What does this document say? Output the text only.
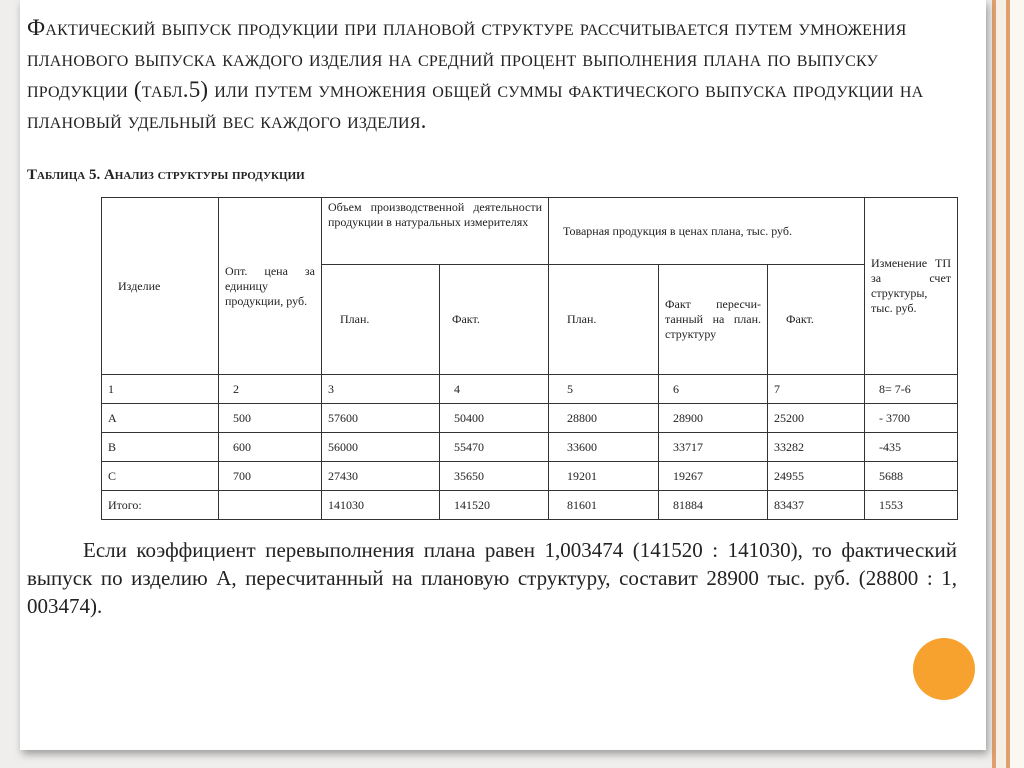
Фактический выпуск продукции при плановой структуре рассчитывается путем умножения планового выпуска каждого изделия на средний процент выполнения плана по выпуску продукции (табл.5) или путем умножения общей суммы фактического выпуска продукции на плановый удельный вес каждого изделия.
Таблица 5. Анализ структуры продукции
Изделие	Опт. цена за единицу продукции, руб.	Объем производственной деятельности продукции в натуральных измерителях		Товарная продукция в ценах плана, тыс. руб.			Изменение ТП за счет структуры, тыс. руб.
		План.	Факт.	План.	Факт пересчи-танный на план. структуру	Факт.	
1	2	3	4	5	6	7	8= 7-6
А	500	57600	50400	28800	28900	25200	- 3700
В	600	56000	55470	33600	33717	33282	-435
С	700	27430	35650	19201	19267	24955	5688
Итого:		141030	141520	81601	81884	83437	1553
Если коэффициент перевыполнения плана равен 1,003474 (141520 : 141030), то фактический выпуск по изделию А, пересчитанный на плановую структуру, составит 28900 тыс. руб. (28800 : 1, 003474).
